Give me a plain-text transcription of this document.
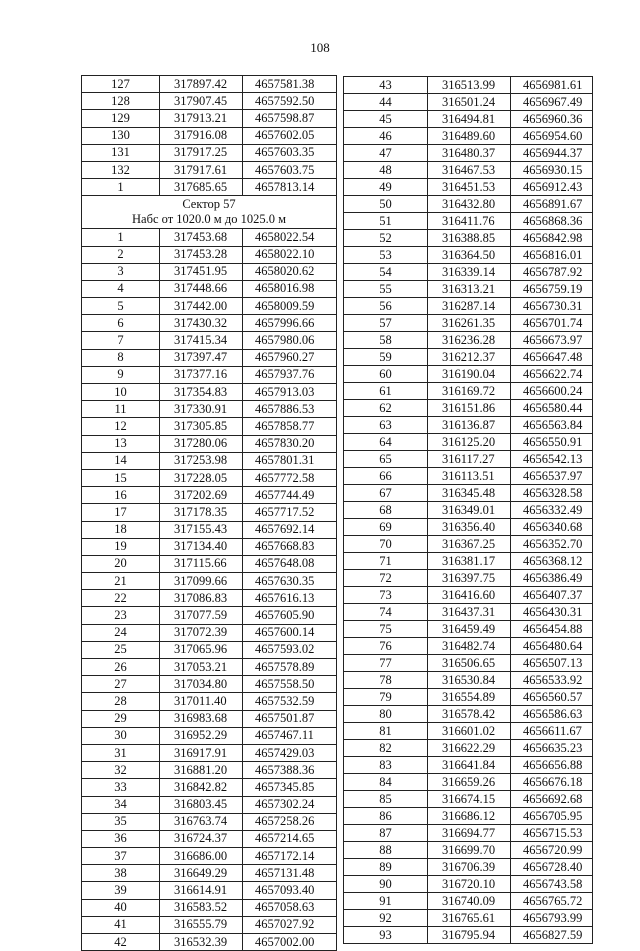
108
127	317897.42	4657581.38
128	317907.45	4657592.50
129	317913.21	4657598.87
130	317916.08	4657602.05
131	317917.25	4657603.35
132	317917.61	4657603.75
1	317685.65	4657813.14

Сектор 57
Набс от 1020.0 м до 1025.0 м		

1	317453.68	4658022.54
2	317453.28	4658022.10
3	317451.95	4658020.62
4	317448.66	4658016.98
5	317442.00	4658009.59
6	317430.32	4657996.66
7	317415.34	4657980.06
8	317397.47	4657960.27
9	317377.16	4657937.76
10	317354.83	4657913.03
11	317330.91	4657886.53
12	317305.85	4657858.77
13	317280.06	4657830.20
14	317253.98	4657801.31
15	317228.05	4657772.58
16	317202.69	4657744.49
17	317178.35	4657717.52
18	317155.43	4657692.14
19	317134.40	4657668.83
20	317115.66	4657648.08
21	317099.66	4657630.35
22	317086.83	4657616.13
23	317077.59	4657605.90
24	317072.39	4657600.14
25	317065.96	4657593.02
26	317053.21	4657578.89
27	317034.80	4657558.50
28	317011.40	4657532.59
29	316983.68	4657501.87
30	316952.29	4657467.11
31	316917.91	4657429.03
32	316881.20	4657388.36
33	316842.82	4657345.85
34	316803.45	4657302.24
35	316763.74	4657258.26
36	316724.37	4657214.65
37	316686.00	4657172.14
38	316649.29	4657131.48
39	316614.91	4657093.40
40	316583.52	4657058.63
41	316555.79	4657027.92
42	316532.39	4657002.00
43	316513.99	4656981.61
44	316501.24	4656967.49
45	316494.81	4656960.36
46	316489.60	4656954.60
47	316480.37	4656944.37
48	316467.53	4656930.15
49	316451.53	4656912.43
50	316432.80	4656891.67
51	316411.76	4656868.36
52	316388.85	4656842.98
53	316364.50	4656816.01
54	316339.14	4656787.92
55	316313.21	4656759.19
56	316287.14	4656730.31
57	316261.35	4656701.74
58	316236.28	4656673.97
59	316212.37	4656647.48
60	316190.04	4656622.74
61	316169.72	4656600.24
62	316151.86	4656580.44
63	316136.87	4656563.84
64	316125.20	4656550.91
65	316117.27	4656542.13
66	316113.51	4656537.97
67	316345.48	4656328.58
68	316349.01	4656332.49
69	316356.40	4656340.68
70	316367.25	4656352.70
71	316381.17	4656368.12
72	316397.75	4656386.49
73	316416.60	4656407.37
74	316437.31	4656430.31
75	316459.49	4656454.88
76	316482.74	4656480.64
77	316506.65	4656507.13
78	316530.84	4656533.92
79	316554.89	4656560.57
80	316578.42	4656586.63
81	316601.02	4656611.67
82	316622.29	4656635.23
83	316641.84	4656656.88
84	316659.26	4656676.18
85	316674.15	4656692.68
86	316686.12	4656705.95
87	316694.77	4656715.53
88	316699.70	4656720.99
89	316706.39	4656728.40
90	316720.10	4656743.58
91	316740.09	4656765.72
92	316765.61	4656793.99
93	316795.94	4656827.59
